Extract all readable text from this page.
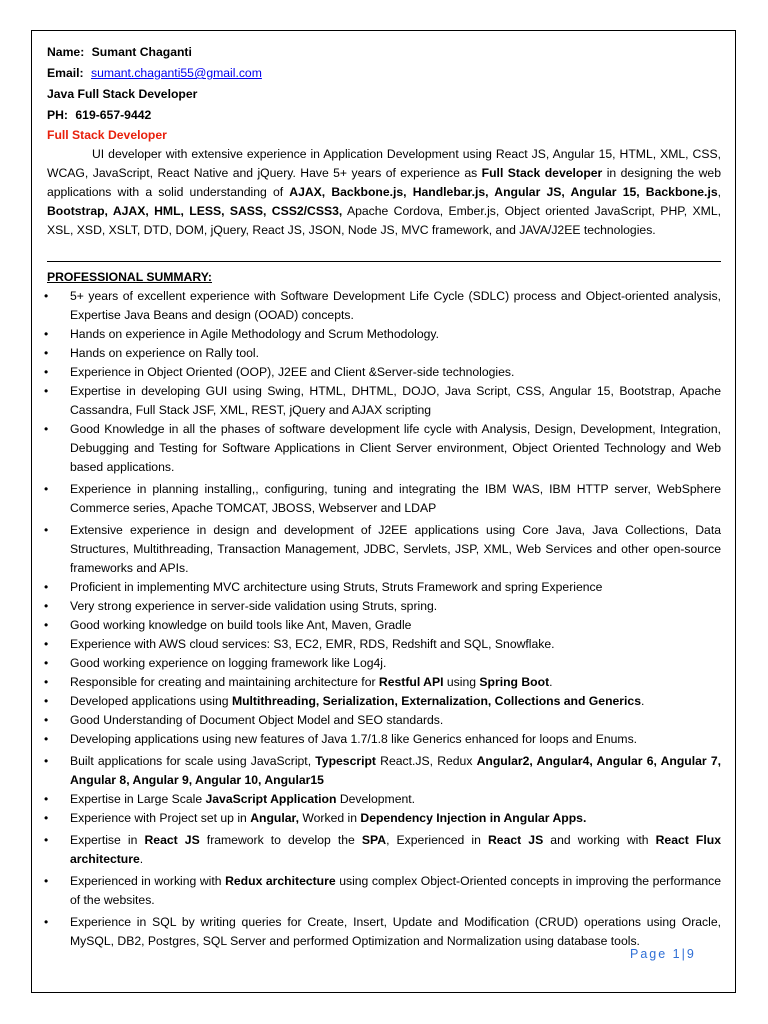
Name: Sumant Chaganti
Email: sumant.chaganti55@gmail.com
Java Full Stack Developer
PH: 619-657-9442
Full Stack Developer

UI developer with extensive experience in Application Development using React JS, Angular 15, HTML, XML, CSS, WCAG, JavaScript, React Native and jQuery. Have 5+ years of experience as Full Stack developer in designing the web applications with a solid understanding of AJAX, Backbone.js, Handlebar.js, Angular JS, Angular 15, Backbone.js, Bootstrap, AJAX, HML, LESS, SASS, CSS2/CSS3, Apache Cordova, Ember.js, Object oriented JavaScript, PHP, XML, XSL, XSD, XSLT, DTD, DOM, jQuery, React JS, JSON, Node JS, MVC framework, and JAVA/J2EE technologies.

PROFESSIONAL SUMMARY:
• 5+ years of excellent experience with Software Development Life Cycle (SDLC) process and Object-oriented analysis, Expertise Java Beans and design (OOAD) concepts.
• Hands on experience in Agile Methodology and Scrum Methodology.
• Hands on experience on Rally tool.
• Experience in Object Oriented (OOP), J2EE and Client &Server-side technologies.
• Expertise in developing GUI using Swing, HTML, DHTML, DOJO, Java Script, CSS, Angular 15, Bootstrap, Apache Cassandra, Full Stack JSF, XML, REST, jQuery and AJAX scripting
• Good Knowledge in all the phases of software development life cycle with Analysis, Design, Development, Integration, Debugging and Testing for Software Applications in Client Server environment, Object Oriented Technology and Web based applications.
• Experience in planning installing,, configuring, tuning and integrating the IBM WAS, IBM HTTP server, WebSphere Commerce series, Apache TOMCAT, JBOSS, Webserver and LDAP
• Extensive experience in design and development of J2EE applications using Core Java, Java Collections, Data Structures, Multithreading, Transaction Management, JDBC, Servlets, JSP, XML, Web Services and other open-source frameworks and APIs.
• Proficient in implementing MVC architecture using Struts, Struts Framework and spring Experience
• Very strong experience in server-side validation using Struts, spring.
• Good working knowledge on build tools like Ant, Maven, Gradle
• Experience with AWS cloud services: S3, EC2, EMR, RDS, Redshift and SQL, Snowflake.
• Good working experience on logging framework like Log4j.
• Responsible for creating and maintaining architecture for Restful API using Spring Boot.
• Developed applications using Multithreading, Serialization, Externalization, Collections and Generics.
• Good Understanding of Document Object Model and SEO standards.
• Developing applications using new features of Java 1.7/1.8 like Generics enhanced for loops and Enums.
• Built applications for scale using JavaScript, Typescript React.JS, Redux Angular2, Angular4, Angular 6, Angular 7, Angular 8, Angular 9, Angular 10, Angular15
• Expertise in Large Scale JavaScript Application Development.
• Experience with Project set up in Angular, Worked in Dependency Injection in Angular Apps.
• Expertise in React JS framework to develop the SPA, Experienced in React JS and working with React Flux architecture.
• Experienced in working with Redux architecture using complex Object-Oriented concepts in improving the performance of the websites.
• Experience in SQL by writing queries for Create, Insert, Update and Modification (CRUD) operations using Oracle, MySQL, DB2, Postgres, SQL Server and performed Optimization and Normalization using database tools.
Page 1|9
